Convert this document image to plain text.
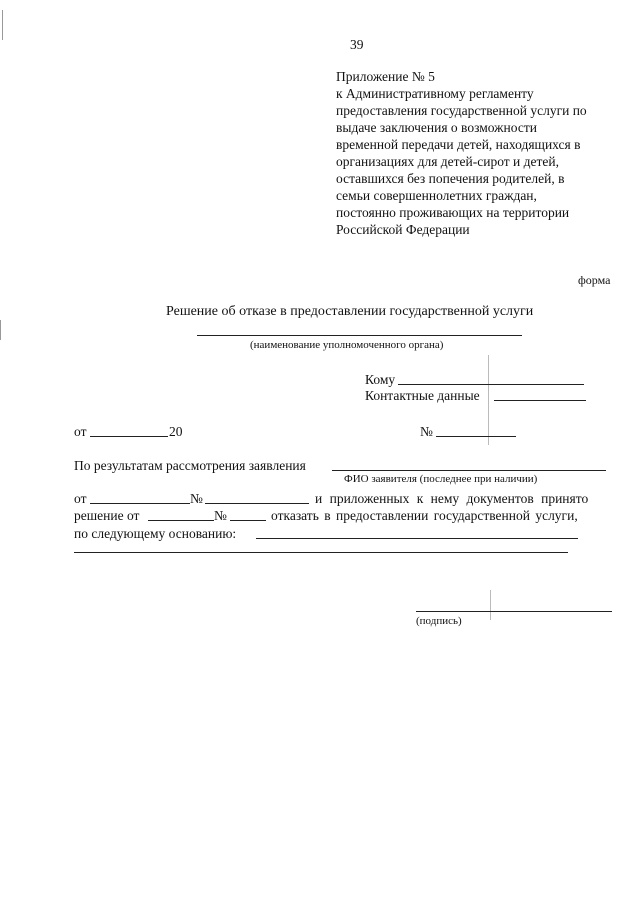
39
Приложение № 5
к Административному регламенту
предоставления государственной услуги по
выдаче заключения о возможности
временной передачи детей, находящихся в
организациях для детей-сирот и детей,
оставшихся без попечения родителей, в
семьи совершеннолетних граждан,
постоянно проживающих на территории
Российской Федерации
форма
Решение об отказе в предоставлении государственной услуги
(наименование уполномоченного органа)
Кому
Контактные данные
от	20	№
По результатам рассмотрения заявления
ФИО заявителя (последнее при наличии)
от	№	и приложенных к нему документов принято
решение от	№	отказать в предоставлении государственной услуги,
по следующему основанию:
(подпись)
